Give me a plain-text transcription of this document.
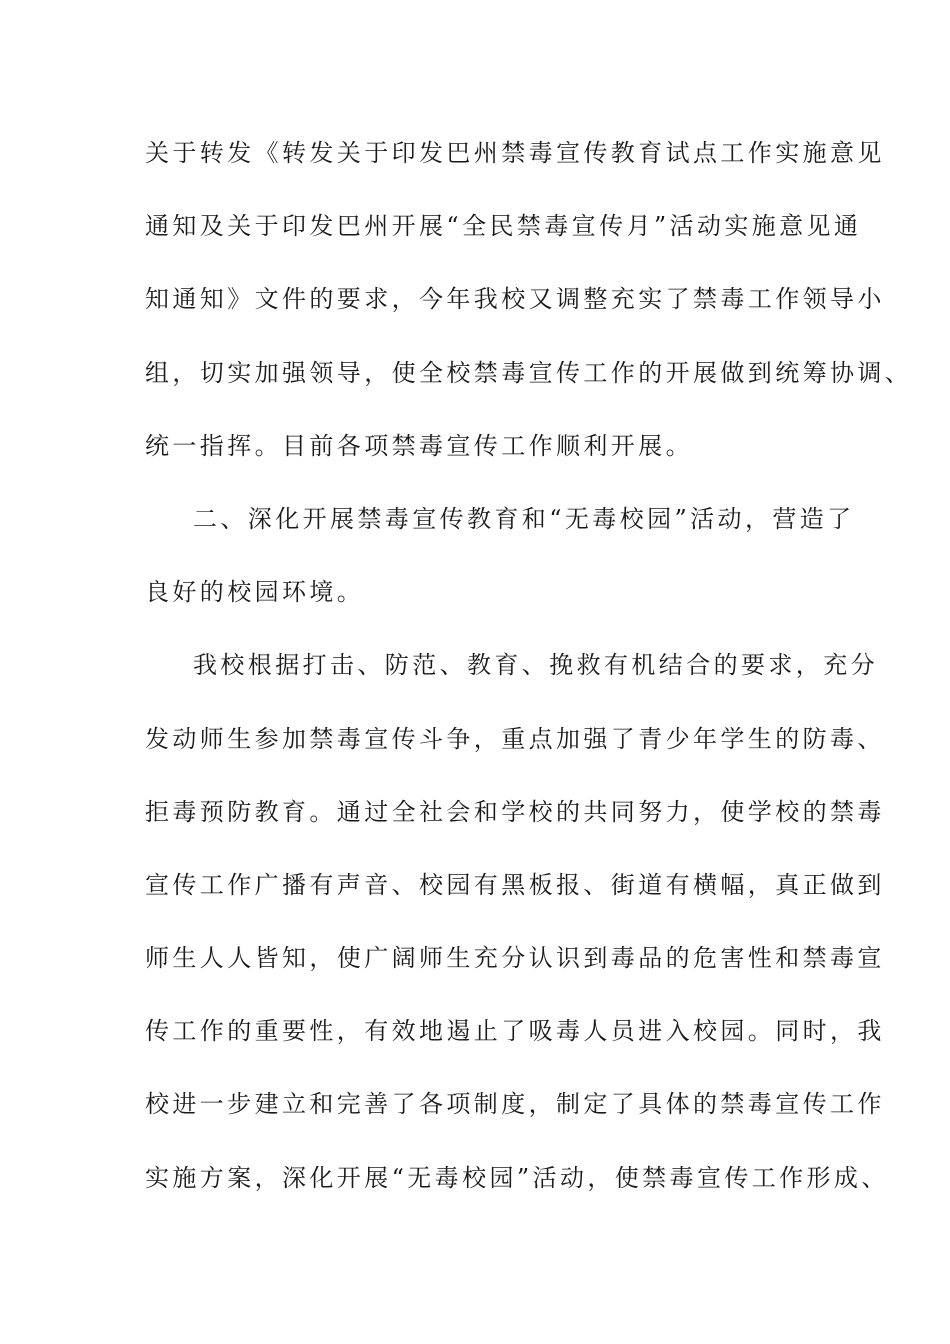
关于转发《转发关于印发巴州禁毒宣传教育试点工作实施意见
通知及关于印发巴州开展“全民禁毒宣传月”活动实施意见通
知通知》文件的要求，今年我校又调整充实了禁毒工作领导小
组，切实加强领导，使全校禁毒宣传工作的开展做到统筹协调、
统一指挥。目前各项禁毒宣传工作顺利开展。
二、深化开展禁毒宣传教育和“无毒校园”活动，营造了
良好的校园环境。
我校根据打击、防范、教育、挽救有机结合的要求，充分
发动师生参加禁毒宣传斗争，重点加强了青少年学生的防毒、
拒毒预防教育。通过全社会和学校的共同努力，使学校的禁毒
宣传工作广播有声音、校园有黑板报、街道有横幅，真正做到
师生人人皆知，使广阔师生充分认识到毒品的危害性和禁毒宣
传工作的重要性，有效地遏止了吸毒人员进入校园。同时，我
校进一步建立和完善了各项制度，制定了具体的禁毒宣传工作
实施方案，深化开展“无毒校园”活动，使禁毒宣传工作形成、
